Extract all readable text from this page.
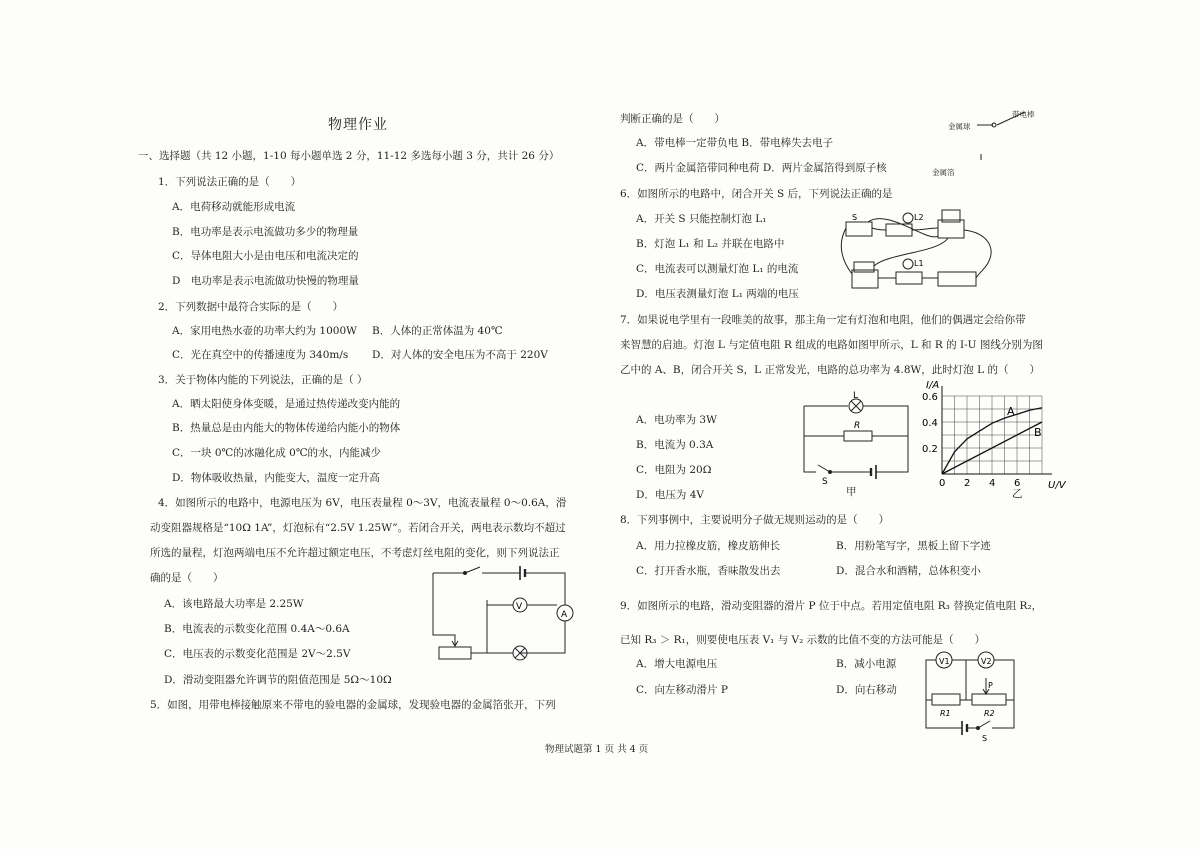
物理作业
一、选择题（共 12 小题，1-10 每小题单选 2 分，11-12 多选每小题 3 分，共计 26 分）
1．下列说法正确的是（　　）
A．电荷移动就能形成电流
B．电功率是表示电流做功多少的物理量
C．导体电阻大小是由电压和电流决定的
D　电功率是表示电流做功快慢的物理量
2．下列数据中最符合实际的是（　　）
A．家用电热水壶的功率大约为 1000W B．人体的正常体温为 40℃
C．光在真空中的传播速度为 340m/s D．对人体的安全电压为不高于 220V
3．关于物体内能的下列说法，正确的是（ ）
A．晒太阳使身体变暖，是通过热传递改变内能的
B．热量总是由内能大的物体传递给内能小的物体
C．一块 0℃的冰融化成 0℃的水，内能减少
D．物体吸收热量，内能变大，温度一定升高
4．如图所示的电路中，电源电压为 6V，电压表量程 0～3V，电流表量程 0～0.6A，滑
动变阻器规格是“10Ω 1A”，灯泡标有“2.5V 1.25W”。若闭合开关，两电表示数均不超过
所选的量程，灯泡两端电压不允许超过额定电压，不考虑灯丝电阻的变化，则下列说法正
确的是（　　）
A．该电路最大功率是 2.25W
B．电流表的示数变化范围 0.4A～0.6A
C．电压表的示数变化范围是 2V～2.5V
D．滑动变阻器允许调节的阻值范围是 5Ω～10Ω
V
A
5．如图，用带电棒接触原来不带电的验电器的金属球，发现验电器的金属箔张开，下列
判断正确的是（　　）
A．带电棒一定带负电 B．带电棒失去电子
C．两片金属箔带同种电荷 D．两片金属箔得到原子核
金属球
带电棒
金属箔
6．如图所示的电路中，闭合开关 S 后，下列说法正确的是
A．开关 S 只能控制灯泡 L₁
B．灯泡 L₁ 和 L₂ 并联在电路中
C．电流表可以测量灯泡 L₁ 的电流
D．电压表测量灯泡 L₁ 两端的电压
S	L2
L1
7．如果说电学里有一段唯美的故事，那主角一定有灯泡和电阻，他们的偶遇定会给你带
来智慧的启迪。灯泡 L 与定值电阻 R 组成的电路如图甲所示，L 和 R 的 I-U 图线分别为图
乙中的 A、B，闭合开关 S，L 正常发光，电路的总功率为 4.8W，此时灯泡 L 的（　　）
A．电功率为 3W
B．电流为 0.3A
C．电阻为 20Ω
D．电压为 4V
L
R
S
甲
U/V
I/A
0 2 4 6
0.2
0.4
0.6
A
B
乙
8．下列事例中，主要说明分子做无规则运动的是（　　）
A．用力拉橡皮筋，橡皮筋伸长	B．用粉笔写字，黑板上留下字迹
C．打开香水瓶，香味散发出去	D．混合水和酒精，总体积变小
9．如图所示的电路，滑动变阻器的滑片 P 位于中点。若用定值电阻 R₃ 替换定值电阻 R₂，
已知 R₃ ＞ R₁，则要使电压表 V₁ 与 V₂ 示数的比值不变的方法可能是（　　）
A．增大电源电压	B．减小电源
C．向左移动滑片 P	D．向右移动
V1	V2
P
R1	R2
S
物理试题第 1 页 共 4 页
